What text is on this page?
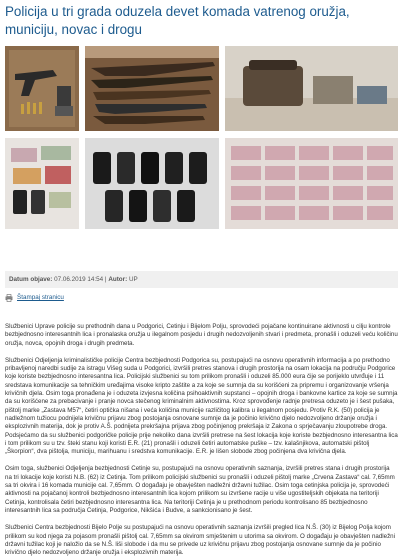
Policija u tri grada oduzela devet komada vatrenog oružja, municiju, novac i drogu
Datum objave: 07.06.2019 14:54 | Autor: UP
Štampaj stranicu

Službenici Uprave policije su prethodnih dana u Podgorici, Cetinju i Bijelom Polju, sprovodeći pojačane kontinuirane aktivnosti u cilju kontrole bezbjednosno interesantnih lica i pronalaska oružja u ilegalnom posjedu i drugih nedozvoljenih stvari i predmeta, pronašli i oduzeli veću količinu oružja, novca, opojnih droga i drugih predmeta.

Službenici Odjeljenja kriminalističke policije Centra bezbjednosti Podgorica su, postupajući na osnovu operativnih informacija a po prethodno pribavljenoj naredbi sudije za istragu Višeg suda u Podgorici, izvršili pretres stanova i drugih prostorija na osam lokacija na području Podgorice koje koriste bezbjednosno interesantna lica. Policijski službenici su tom prilikom pronašli i oduzeli 85.000 eura čije se porijeklo utvrđuje i 11 sredstava komunikacije sa tehničkim uređajima visoke kripto zaštite a za koje se sumnja da su korišćeni za pripremu i organizovanje vršenja krivičnih djela. Osim toga pronađena je i oduzeta izvjesna količina psihoaktivnih supstanci – opojnih droga i bankovne kartice za koje se sumnja da su korišćene za prebacivanje i pranje novca stečenog kriminalnim aktivnostima. Kroz sprovođenje radnje pretresa oduzeto je i šest pušaka, pištolj marke „Zastava M57“, četiri optička nišana i veća količina municije različitog kalibra u ilegalnom posjedu. Protiv R.K. (50) policija je nadležnom tužiocu podnijela krivičnu prijavu zbog postojanja osnovane sumnje da je počinio krivično djelo nedozvoljeno držanje oružja i eksplozivnih materija, dok je protiv A.Š. podnijeta prekršajna prijava zbog počinjenog prekršaja iz Zakona o sprječavanju zloupotrebe droga. Podsjećamo da su službenici podgoričke policije prije nekoliko dana izvršili pretrese na šest lokacija koje koriste bezbjednosno interesantna lica i tom prilikom su u tzv. šteki stanu koji koristi E.R. (21) pronašli i oduzeli četiri automatske puške – tzv. kalašnjikova, automatski pištolj „Škorpion“, dva pištolja, municiju, marihuanu i sredstva komunikacije. E.R. je lišen slobode zbog počinjena dva krivična djela.

Osim toga, službenici Odjeljenja bezbjednosti Cetinje su, postupajući na osnovu operativnih saznanja, izvršili pretres stana i drugih prostorija na tri lokacije koje koristi N.B. (62) iz Cetinja. Tom prilikom policijski službenici su pronašli i oduzeli pištolj marke „Crvena Zastava“ cal. 7,65mm sa tri okvira i 16 komada municije cal. 7,65mm. O događaju je obavješten nadležni državni tužilac. Osim toga cetinjska policija je, sprovodeći aktivnosti na pojačanoj kontroli bezbjednosno interesantnih lica kojom prilikom su izvršene racije u više ugostiteljskih objekata na teritoriji Cetinja, kontrolisala četiri bezbjednosno interesantna lica. Na teritoriji Cetinja je u prethodnom periodu kontrolisano 85 bezbjednosno interesantnih lica sa područja Cetinja, Podgorice, Nikšića i Budve, a sankcionisano je šest.

Službenici Centra bezbjednosti Bijelo Polje su postupajući na osnovu operativnih saznanja izvršili pregled lica N.Š. (30) iz Bijelog Polja kojom prilikom su kod njega za pojasom pronašli pištolj cal. 7,65mm sa okvirom smještenim u utorima sa okvirom. O događaju je obavješten nadležni državni tužilac koji je naložio da se N.Š. liši slobode i da mu se privede uz krivičnu prijavu zbog postojanja osnovane sumnje da je počinio krivično djelo nedozvoljeno držanje oružja i eksplozivnih materija.
